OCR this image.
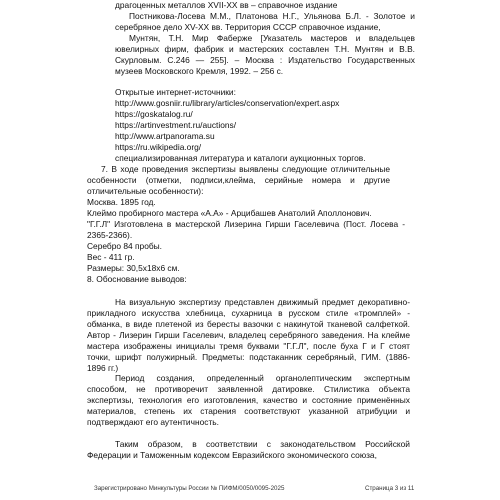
драгоценных металлов XVII-XX вв – справочное издание
Постникова-Лосева М.М., Платонова Н.Г., Ульянова Б.Л. - Золотое и серебряное дело XV-XX вв. Территория СССР справочное издание,
Мунтян, Т.Н. Мир Фаберже [Указатель мастеров и владельцев ювелирных фирм, фабрик и мастерских составлен Т.Н. Мунтян и В.В. Скурловым. С.246 — 255]. – Москва : Издательство Государственных музеев Московского Кремля, 1992. – 256 с.
Открытые интернет-источники:
http://www.gosniir.ru/library/articles/conservation/expert.aspx
https://goskatalog.ru/
https://artinvestment.ru/auctions/
http://www.artpanorama.su
https://ru.wikipedia.org/
специализированная литература и каталоги аукционных торгов.
7. В ходе проведения экспертизы выявлены следующие отличительные особенности (отметки, подписи,клейма, серийные номера и другие отличительные особенности):
Москва. 1895 год.
Клеймо пробирного мастера «А.А» - Арцибашев Анатолий Аполлонович.
"Г.Г.Л" Изготовлена в мастерской Лизерина Гирши Гаселевича (Пост. Лосева - 2365-2366).
Серебро 84 пробы.
Вес - 411 гр.
Размеры: 30,5х18х6 см.
8. Обоснование выводов:
На визуальную экспертизу представлен движимый предмет декоративно-прикладного искусства хлебница, сухарница в русском стиле «тромплей» - обманка, в виде плетеной из бересты вазочки с накинутой тканевой салфеткой. Автор - Лизерин Гирши Гаселевич, владелец серебряного заведения. На клейме мастера изображены инициалы тремя буквами "Г.Г.Л", после буха Г и Г стоят точки, шрифт полужирный. Предметы: подстаканник серебряный, ГИМ. (1886-1896 гг.)
Период создания, определенный органолептическим экспертным способом, не противоречит заявленной датировке. Стилистика объекта экспертизы, технология его изготовления, качество и состояние применённых материалов, степень их старения соответствуют указанной атрибуции и подтверждают его аутентичность.
Таким образом, в соответствии с законодательством Российской Федерации и Таможенным кодексом Евразийского экономического союза,
Зарегистрировано Минкультуры России № ПИФМ/0050/0095-2025	Страница 3 из 11
